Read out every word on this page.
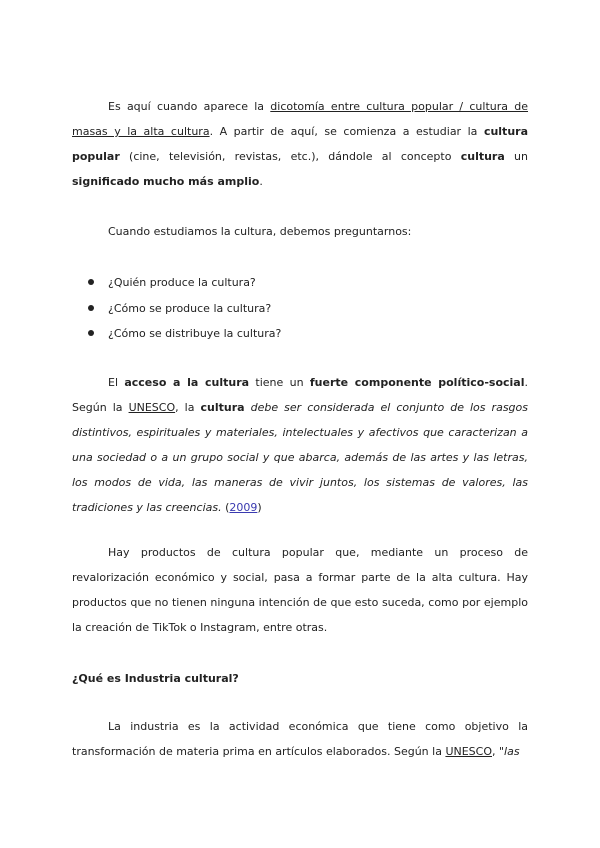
Es aquí cuando aparece la dicotomía entre cultura popular / cultura de masas y la alta cultura. A partir de aquí, se comienza a estudiar la cultura popular (cine, televisión, revistas, etc.), dándole al concepto cultura un significado mucho más amplio.

Cuando estudiamos la cultura, debemos preguntarnos:

¿Quién produce la cultura?
¿Cómo se produce la cultura?
¿Cómo se distribuye la cultura?

El acceso a la cultura tiene un fuerte componente político-social. Según la UNESCO, la cultura debe ser considerada el conjunto de los rasgos distintivos, espirituales y materiales, intelectuales y afectivos que caracterizan a una sociedad o a un grupo social y que abarca, además de las artes y las letras, los modos de vida, las maneras de vivir juntos, los sistemas de valores, las tradiciones y las creencias. (2009)

Hay productos de cultura popular que, mediante un proceso de revalorización económico y social, pasa a formar parte de la alta cultura. Hay productos que no tienen ninguna intención de que esto suceda, como por ejemplo la creación de TikTok o Instagram, entre otras.

¿Qué es Industria cultural?

La industria es la actividad económica que tiene como objetivo la transformación de materia prima en artículos elaborados. Según la UNESCO, "las
